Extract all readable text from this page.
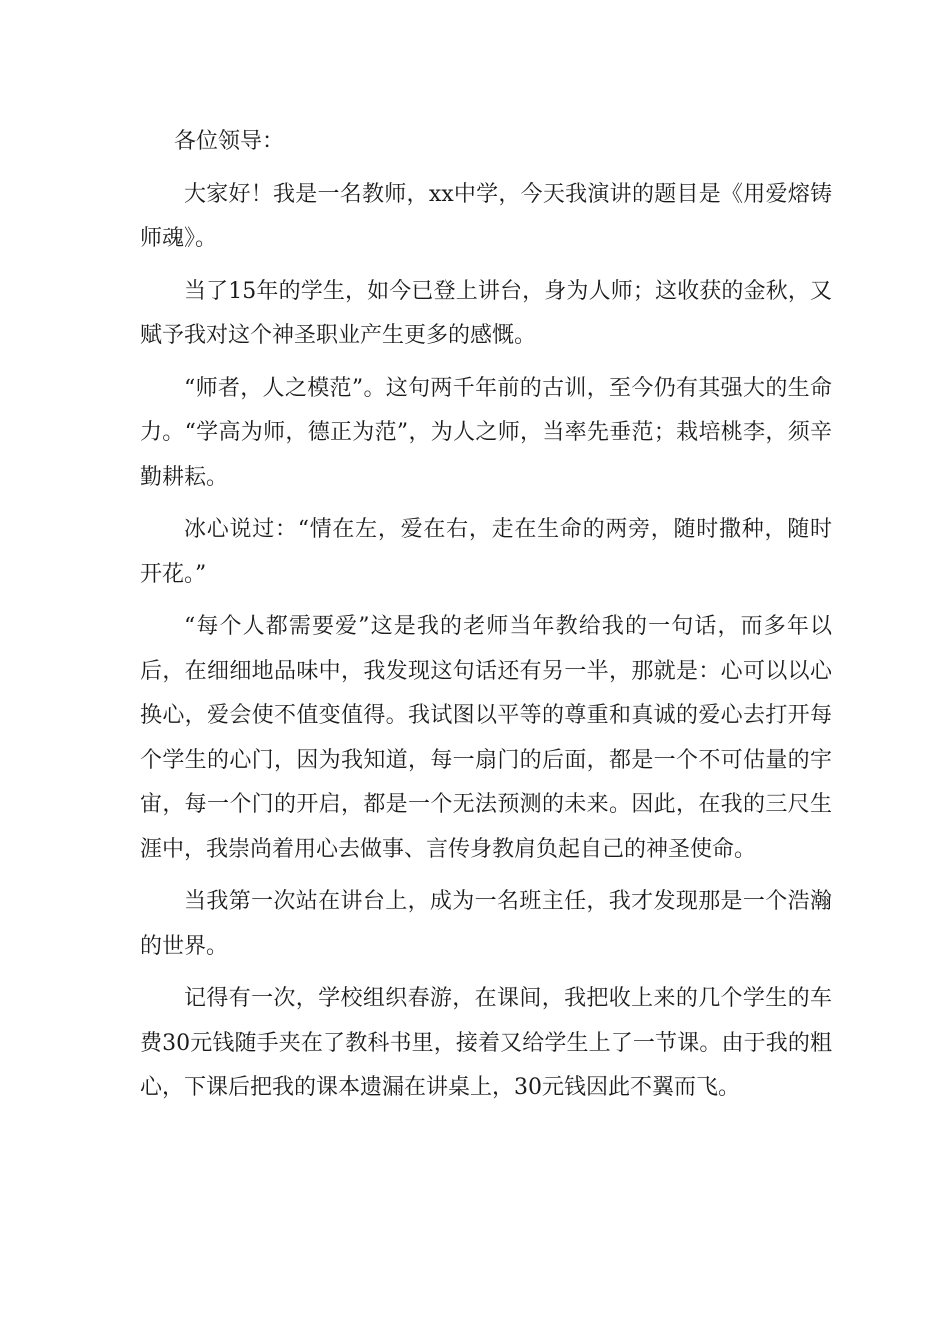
各位领导：

大家好！我是一名教师，xx中学，今天我演讲的题目是《用爱熔铸师魂》。

当了15年的学生，如今已登上讲台，身为人师；这收获的金秋，又赋予我对这个神圣职业产生更多的感慨。

“师者，人之模范”。这句两千年前的古训，至今仍有其强大的生命力。“学高为师，德正为范”，为人之师，当率先垂范；栽培桃李，须辛勤耕耘。

冰心说过：“情在左，爱在右，走在生命的两旁，随时撒种，随时开花。”

“每个人都需要爱”这是我的老师当年教给我的一句话，而多年以后，在细细地品味中，我发现这句话还有另一半，那就是：心可以以心换心，爱会使不值变值得。我试图以平等的尊重和真诚的爱心去打开每个学生的心门，因为我知道，每一扇门的后面，都是一个不可估量的宇宙，每一个门的开启，都是一个无法预测的未来。因此，在我的三尺生涯中，我崇尚着用心去做事、言传身教肩负起自己的神圣使命。

当我第一次站在讲台上，成为一名班主任，我才发现那是一个浩瀚的世界。

记得有一次，学校组织春游，在课间，我把收上来的几个学生的车费30元钱随手夹在了教科书里，接着又给学生上了一节课。由于我的粗心，下课后把我的课本遗漏在讲桌上，30元钱因此不翼而飞。
